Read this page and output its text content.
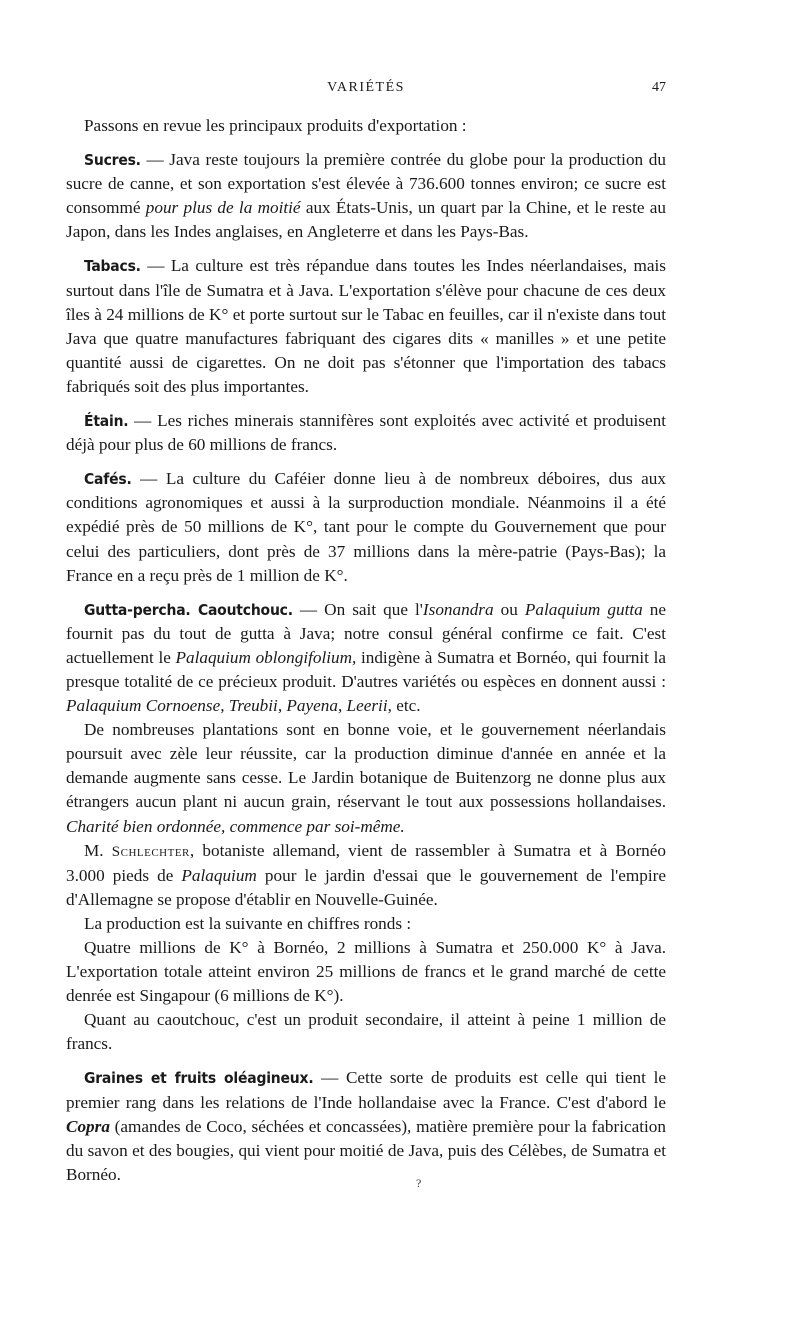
VARIÉTÉS	47

Passons en revue les principaux produits d'exportation :

Sucres. — Java reste toujours la première contrée du globe pour la production du sucre de canne, et son exportation s'est élevée à 736.600 tonnes environ; ce sucre est consommé pour plus de la moitié aux États-Unis, un quart par la Chine, et le reste au Japon, dans les Indes anglaises, en Angleterre et dans les Pays-Bas.

Tabacs. — La culture est très répandue dans toutes les Indes néerlandaises, mais surtout dans l'île de Sumatra et à Java. L'exportation s'élève pour chacune de ces deux îles à 24 millions de K° et porte surtout sur le Tabac en feuilles, car il n'existe dans tout Java que quatre manufactures fabriquant des cigares dits « manilles » et une petite quantité aussi de cigarettes. On ne doit pas s'étonner que l'importation des tabacs fabriqués soit des plus importantes.

Étain. — Les riches minerais stannifères sont exploités avec activité et produisent déjà pour plus de 60 millions de francs.

Cafés. — La culture du Caféier donne lieu à de nombreux déboires, dus aux conditions agronomiques et aussi à la surproduction mondiale. Néanmoins il a été expédié près de 50 millions de K°, tant pour le compte du Gouvernement que pour celui des particuliers, dont près de 37 millions dans la mère-patrie (Pays-Bas); la France en a reçu près de 1 million de K°.

Gutta-percha. Caoutchouc. — On sait que l'Isonandra ou Palaquium gutta ne fournit pas du tout de gutta à Java; notre consul général confirme ce fait. C'est actuellement le Palaquium oblongifolium, indigène à Sumatra et Bornéo, qui fournit la presque totalité de ce précieux produit. D'autres variétés ou espèces en donnent aussi : Palaquium Cornoense, Treubii, Payena, Leerii, etc.

De nombreuses plantations sont en bonne voie, et le gouvernement néerlandais poursuit avec zèle leur réussite, car la production diminue d'année en année et la demande augmente sans cesse. Le Jardin botanique de Buitenzorg ne donne plus aux étrangers aucun plant ni aucun grain, réservant le tout aux possessions hollandaises. Charité bien ordonnée, commence par soi-même.

M. Schlechter, botaniste allemand, vient de rassembler à Sumatra et à Bornéo 3.000 pieds de Palaquium pour le jardin d'essai que le gouvernement de l'empire d'Allemagne se propose d'établir en Nouvelle-Guinée.

La production est la suivante en chiffres ronds :

Quatre millions de K° à Bornéo, 2 millions à Sumatra et 250.000 K° à Java. L'exportation totale atteint environ 25 millions de francs et le grand marché de cette denrée est Singapour (6 millions de K°).

Quant au caoutchouc, c'est un produit secondaire, il atteint à peine 1 million de francs.

Graines et fruits oléagineux. — Cette sorte de produits est celle qui tient le premier rang dans les relations de l'Inde hollandaise avec la France. C'est d'abord le Copra (amandes de Coco, séchées et concassées), matière première pour la fabrication du savon et des bougies, qui vient pour moitié de Java, puis des Célèbes, de Sumatra et Bornéo.	?
